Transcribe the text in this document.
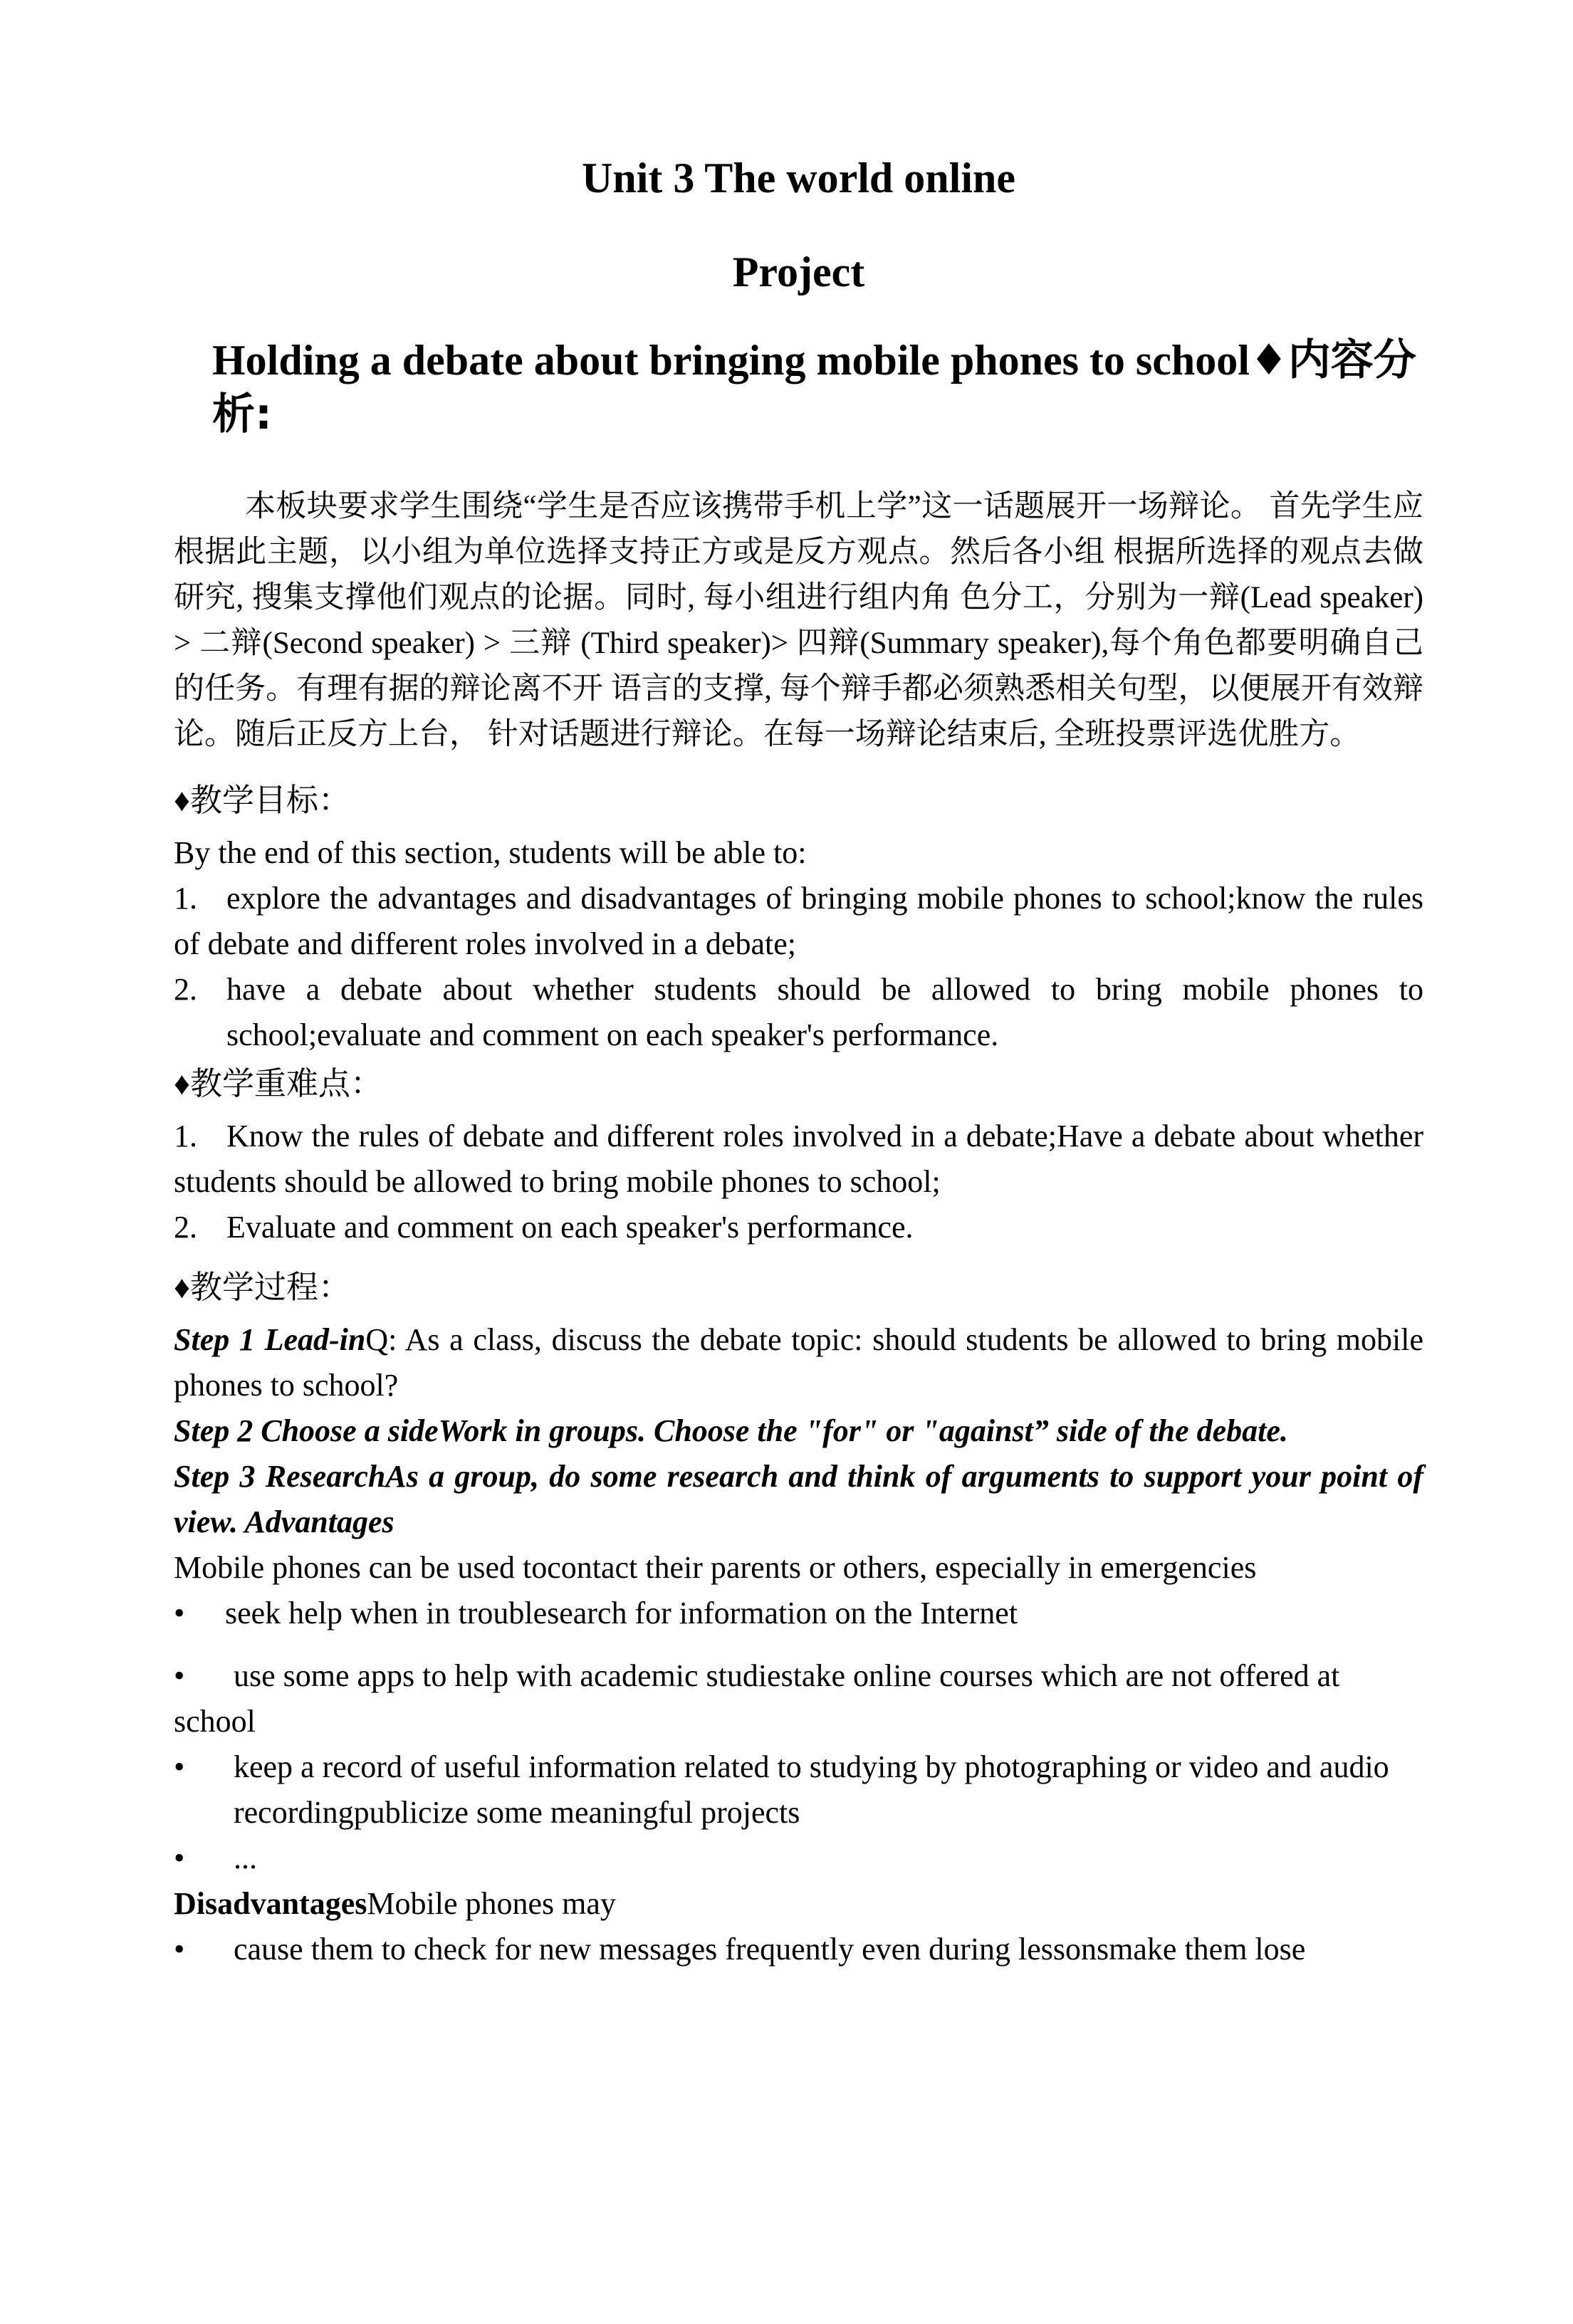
Unit 3 The world online
Project
Holding a debate about bringing mobile phones to school♦内容分析:

本板块要求学生围绕“学生是否应该携带手机上学”这一话题展开一场辩论。 首先学生应根据此主题，以小组为单位选择支持正方或是反方观点。然后各小组 根据所选择的观点去做研究, 搜集支撑他们观点的论据。同时, 每小组进行组内角 色分工，分别为一辩(Lead speaker) > 二辩(Second speaker) > 三辩 (Third speaker)> 四辩(Summary speaker),每个角色都要明确自己的任务。有理有据的辩论离不开 语言的支撑, 每个辩手都必须熟悉相关句型，以便展开有效辩论。随后正反方上台， 针对话题进行辩论。在每一场辩论结束后, 全班投票评选优胜方。

♦教学目标：
By the end of this section, students will be able to:
1. explore the advantages and disadvantages of bringing mobile phones to school;know the rules of debate and different roles involved in a debate;
2. have a debate about whether students should be allowed to bring mobile phones to school;evaluate and comment on each speaker's performance.
♦教学重难点：
1. Know the rules of debate and different roles involved in a debate;Have a debate about whether students should be allowed to bring mobile phones to school;
2. Evaluate and comment on each speaker's performance.
♦教学过程：
Step 1 Lead-inQ: As a class, discuss the debate topic: should students be allowed to bring mobile phones to school?
Step 2 Choose a sideWork in groups. Choose the "for" or "against” side of the debate.
Step 3 ResearchAs a group, do some research and think of arguments to support your point of view. Advantages
Mobile phones can be used tocontact their parents or others, especially in emergencies
• seek help when in troublesearch for information on the Internet
• use some apps to help with academic studiestake online courses which are not offered at school
• keep a record of useful information related to studying by photographing or video and audio recordingpublicize some meaningful projects
• ...
DisadvantagesMobile phones may
• cause them to check for new messages frequently even during lessonsmake them lose
